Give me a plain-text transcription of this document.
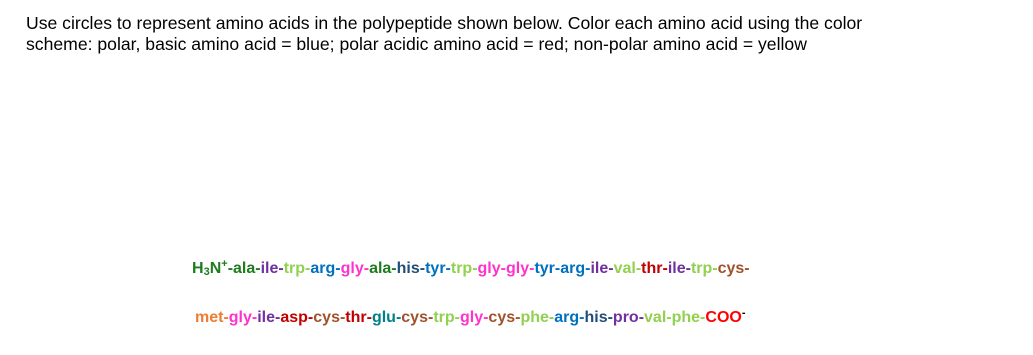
Use circles to represent amino acids in the polypeptide shown below. Color each amino acid using the color
scheme: polar, basic amino acid = blue; polar acidic amino acid = red; non-polar amino acid = yellow

$H_3N^+-ala-ile-trp-arg-gly-ala-his-tyr-trp-gly-gly-tyr-arg-ile-val-thr-ile-trp-cys-$

met-gly-ile-asp-cys-thr-glu-cys-trp-gly-cys-phe-arg-his-pro-val-phe-COO-
